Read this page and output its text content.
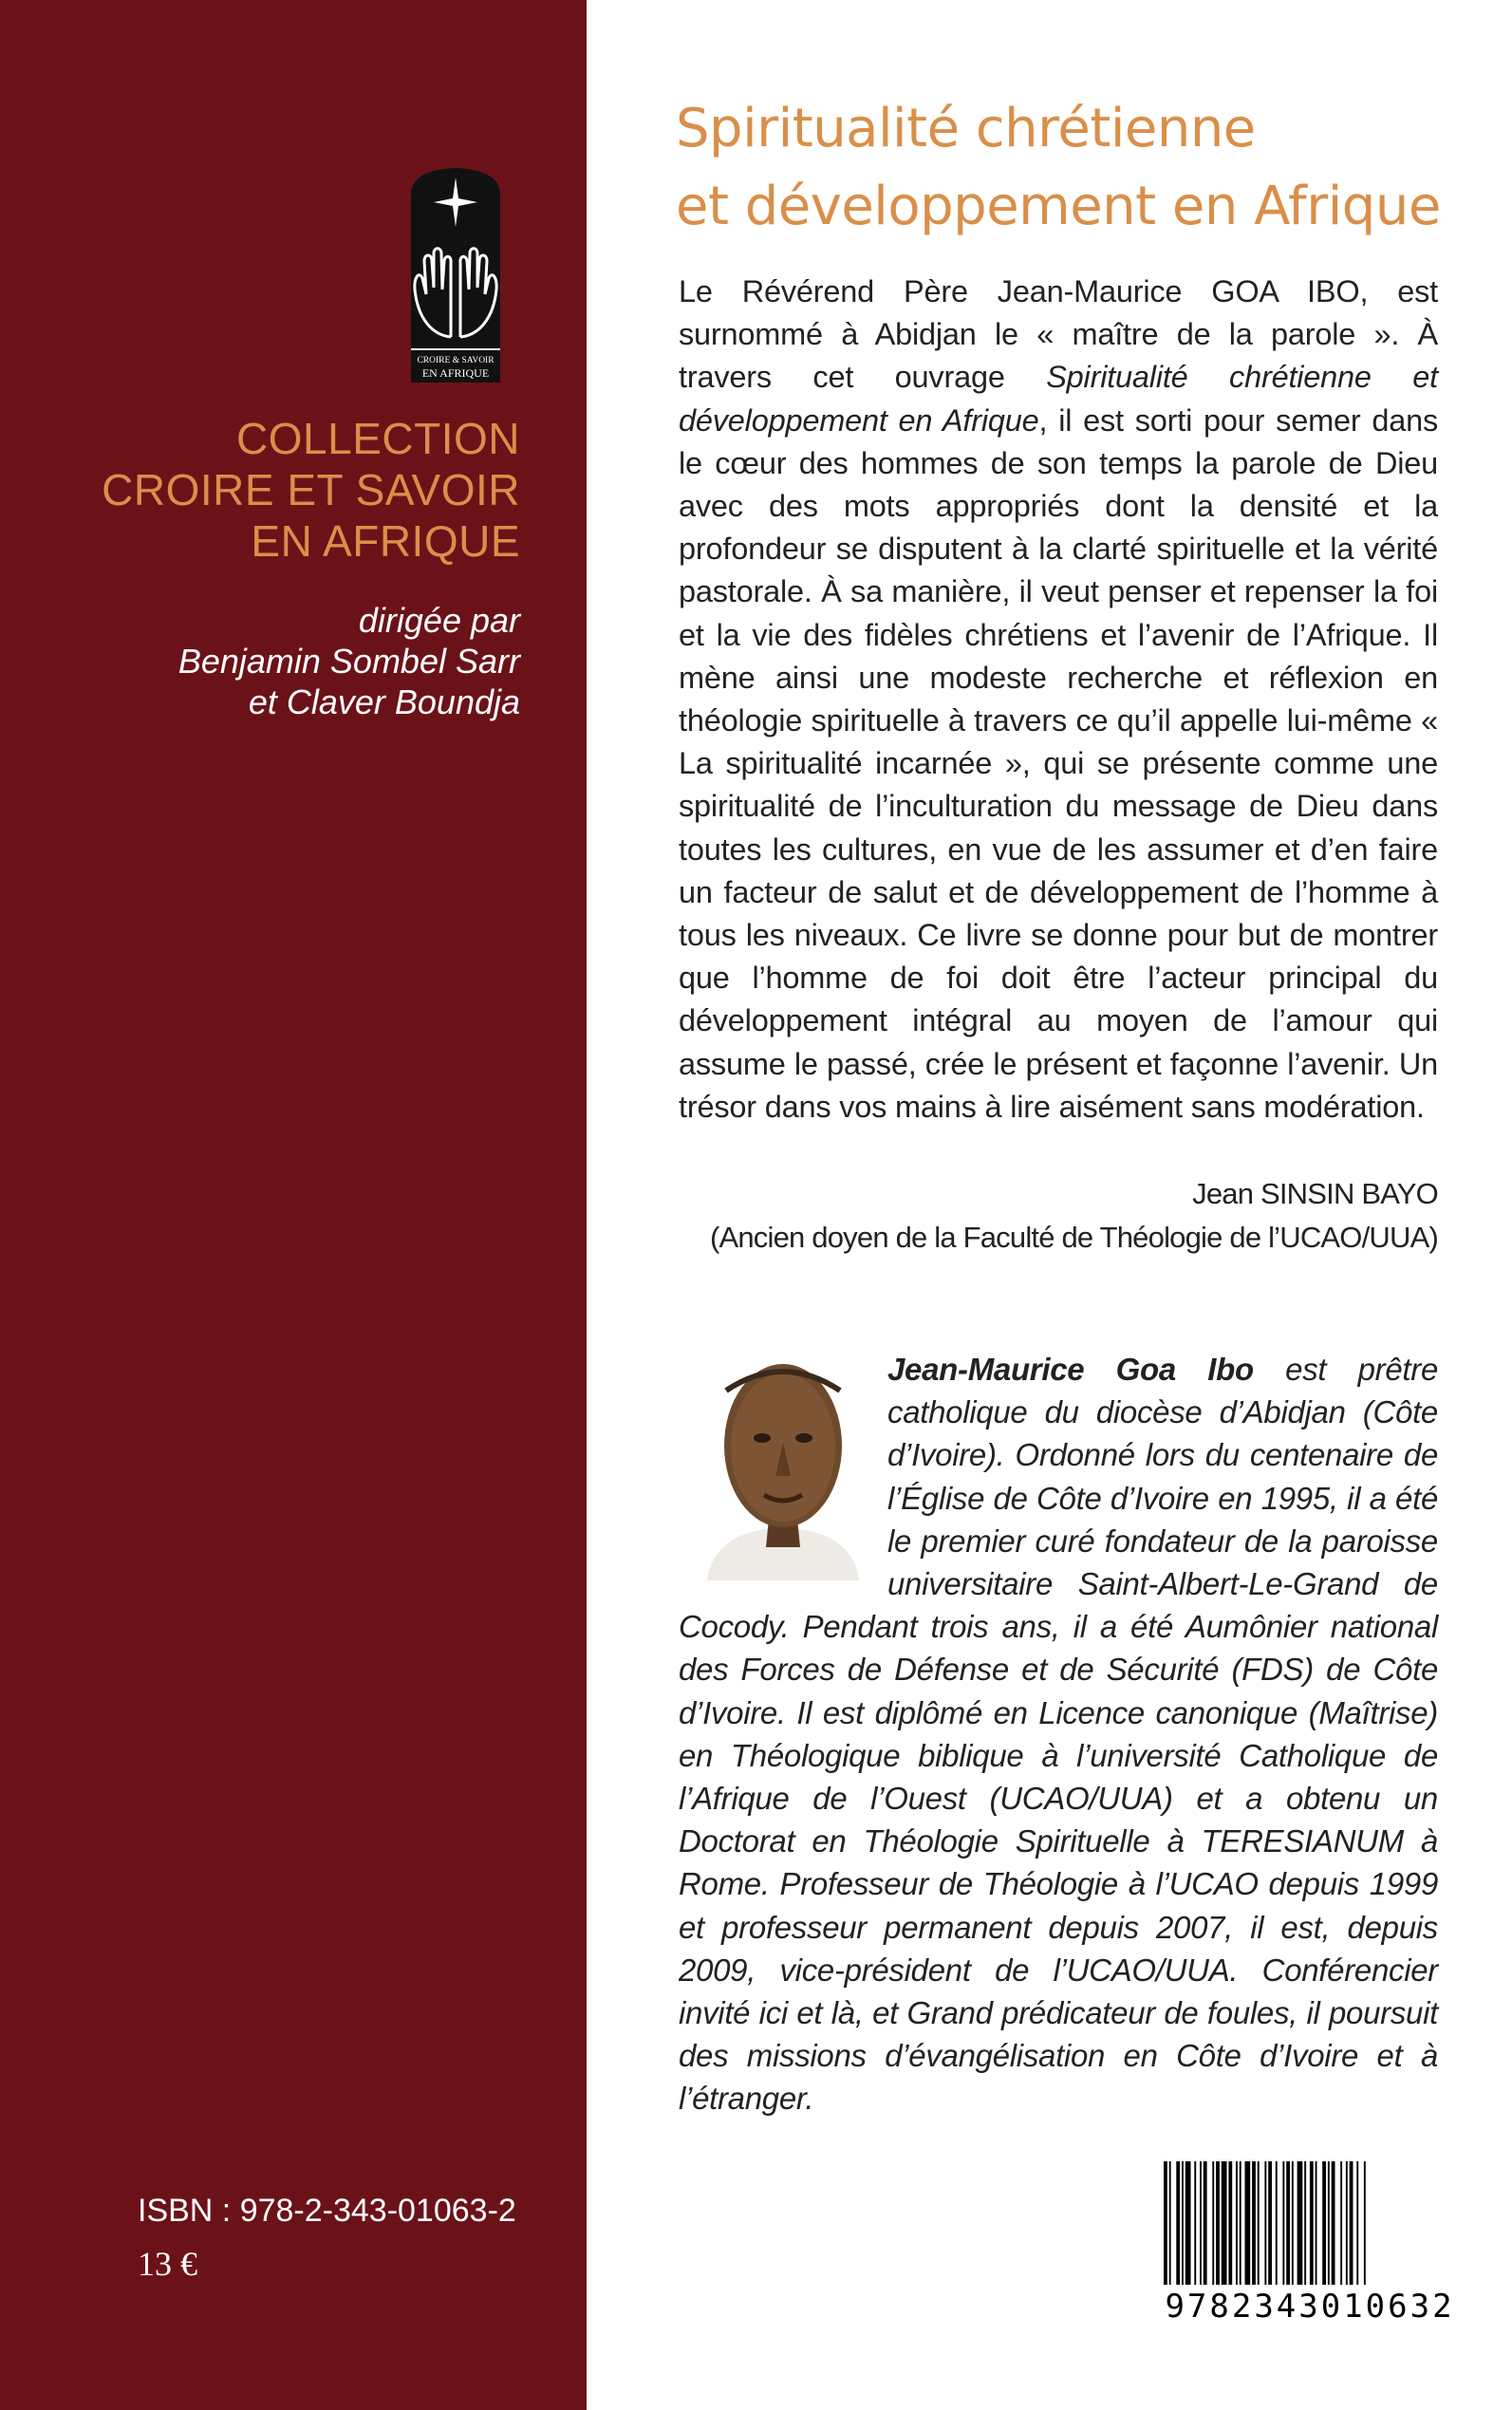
CROIRE & SAVOIR
EN AFRIQUE
COLLECTION
CROIRE ET SAVOIR
EN AFRIQUE
dirigée par
Benjamin Sombel Sarr
et Claver Boundja
ISBN : 978-2-343-01063-2
13 €
Spiritualité chrétienne
et développement en Afrique

Le Révérend Père Jean-Maurice GOA IBO, est surnommé à Abidjan le « maître de la parole ». À travers cet ouvrage Spiritualité chrétienne et développement en Afrique, il est sorti pour semer dans le cœur des hommes de son temps la parole de Dieu avec des mots appropriés dont la densité et la profondeur se disputent à la clarté spirituelle et la vérité pastorale. À sa manière, il veut penser et repenser la foi et la vie des fidèles chrétiens et l’avenir de l’Afrique. Il mène ainsi une modeste recherche et réflexion en théologie spirituelle à travers ce qu’il appelle lui-même « La spiritualité incarnée », qui se présente comme une spiritualité de l’inculturation du message de Dieu dans toutes les cultures, en vue de les assumer et d’en faire un facteur de salut et de développement de l’homme à tous les niveaux. Ce livre se donne pour but de montrer que l’homme de foi doit être l’acteur principal du développement intégral au moyen de l’amour qui assume le passé, crée le présent et façonne l’avenir. Un trésor dans vos mains à lire aisément sans modération.

Jean SINSIN BAYO
(Ancien doyen de la Faculté de Théologie de l’UCAO/UUA)

Jean-Maurice Goa Ibo est prêtre catholique du diocèse d’Abidjan (Côte d’Ivoire). Ordonné lors du centenaire de l’Église de Côte d’Ivoire en 1995, il a été le premier curé fondateur de la paroisse universitaire Saint-Albert-Le-Grand de Cocody. Pendant trois ans, il a été Aumônier national des Forces de Défense et de Sécurité (FDS) de Côte d’Ivoire. Il est diplômé en Licence canonique (Maîtrise) en Théologique biblique à l’université Catholique de l’Afrique de l’Ouest (UCAO/UUA) et a obtenu un Doctorat en Théologie Spirituelle à TERESIANUM à Rome. Professeur de Théologie à l’UCAO depuis 1999 et professeur permanent depuis 2007, il est, depuis 2009, vice-président de l’UCAO/UUA. Conférencier invité ici et là, et Grand prédicateur de foules, il poursuit des missions d’évangélisation en Côte d’Ivoire et à l’étranger.

9782343010632
